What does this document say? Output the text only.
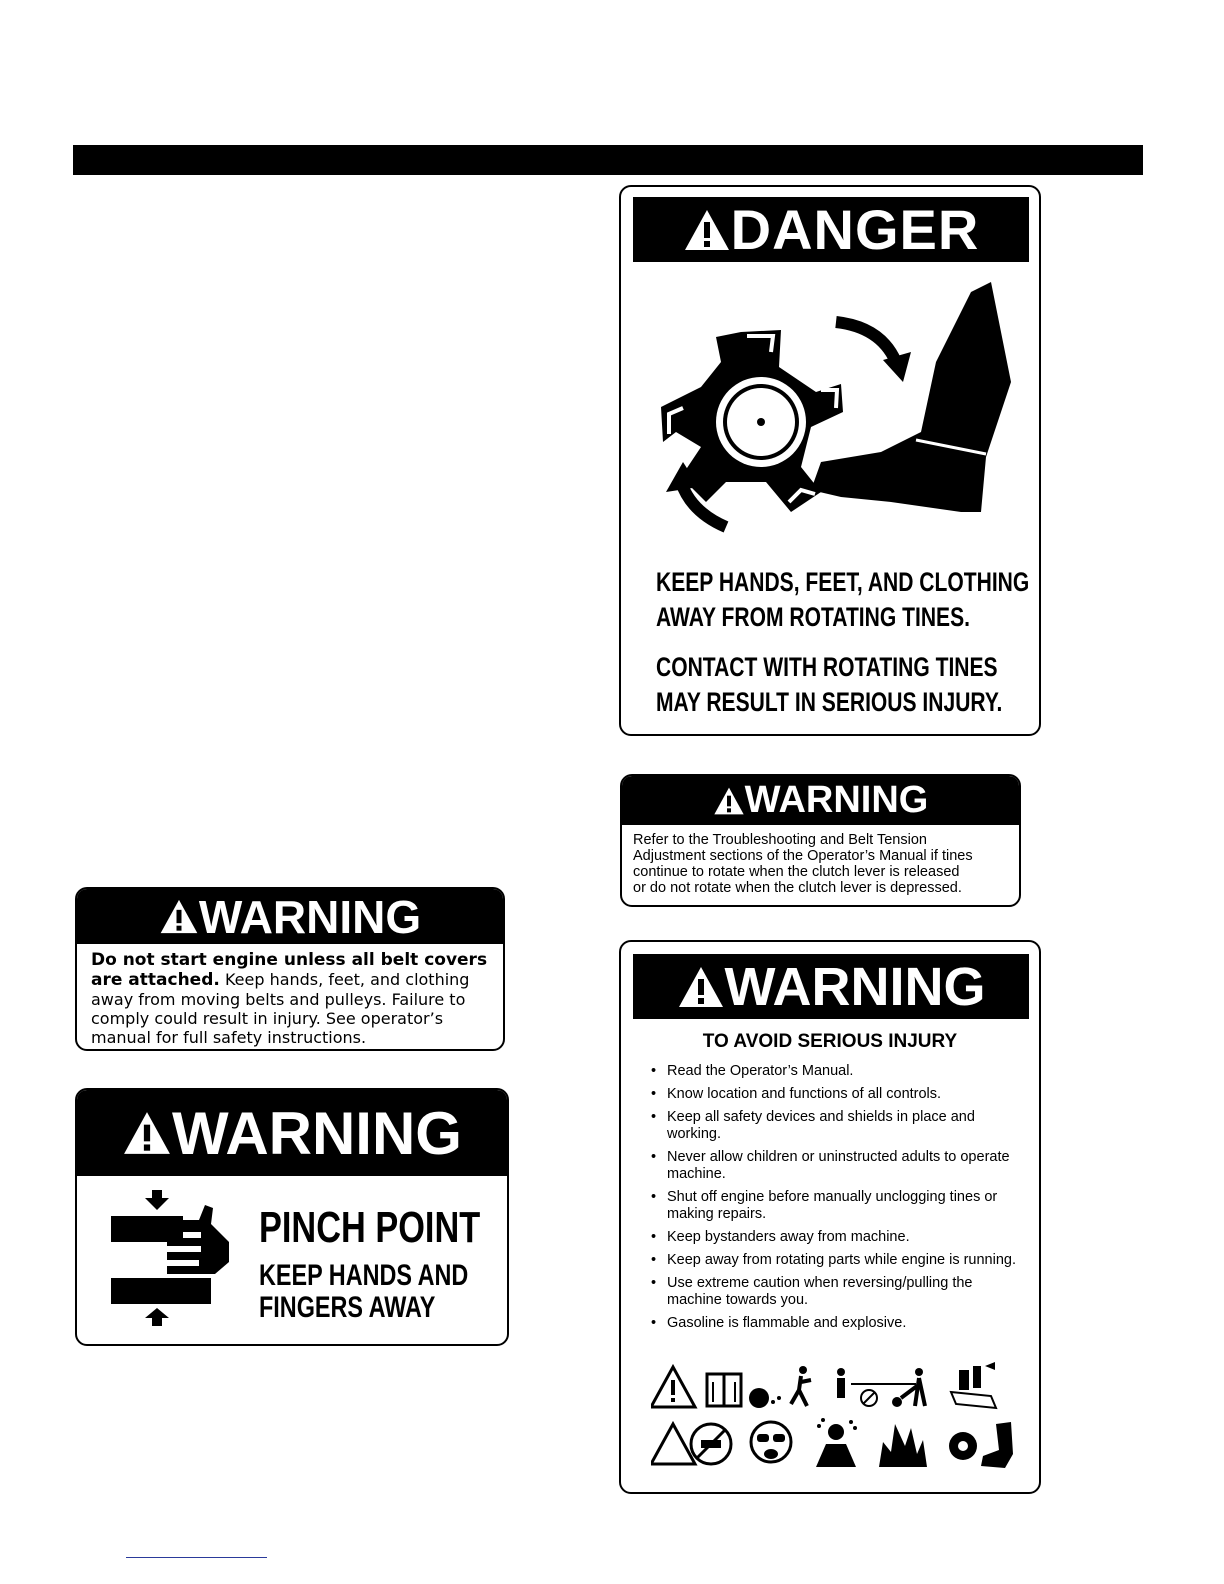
DANGER
KEEP HANDS, FEET, AND CLOTHING
AWAY FROM ROTATING TINES.
CONTACT WITH ROTATING TINES
MAY RESULT IN SERIOUS INJURY.
WARNING
Refer to the Troubleshooting and Belt Tension
Adjustment sections of the Operator’s Manual if tines
continue to rotate when the clutch lever is released
or do not rotate when the clutch lever is depressed.
WARNING
Do not start engine unless all belt covers are attached. Keep hands, feet, and clothing away from moving belts and pulleys. Failure to comply could result in injury. See operator’s manual for full safety instructions.
WARNING
PINCH POINT
KEEP HANDS AND
FINGERS AWAY
WARNING
TO AVOID SERIOUS INJURY
• Read the Operator’s Manual.
• Know location and functions of all controls.
• Keep all safety devices and shields in place and working.
• Never allow children or uninstructed adults to operate machine.
• Shut off engine before manually unclogging tines or making repairs.
• Keep bystanders away from machine.
• Keep away from rotating parts while engine is running.
• Use extreme caution when reversing/pulling the machine towards you.
• Gasoline is flammable and explosive.
